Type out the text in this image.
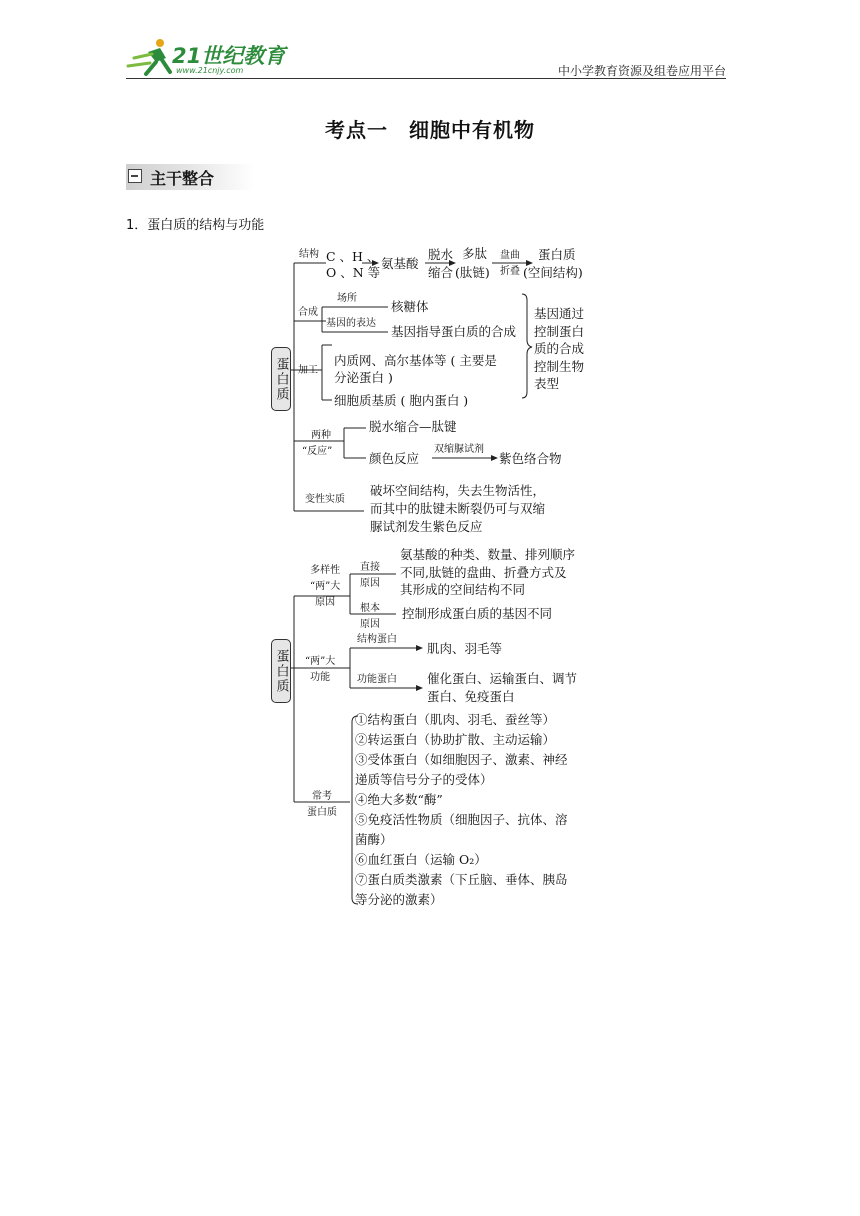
21世纪教育
www.21cnjy.com	中小学教育资源及组卷应用平台
考点一　细胞中有机物
主干整合
1．蛋白质的结构与功能
蛋白质
结构 C 、H 、
O 、N 等
氨基酸
脱水
缩合
多肽
(肽链)
盘曲
折叠
蛋白质
(空间结构)
合成
场所
核糖体
基因的表达
基因指导蛋白质的合成
基因通过
控制蛋白
质的合成
控制生物
表型
加工
内质网、高尔基体等 ( 主要是
分泌蛋白 )
细胞质基质 ( 胞内蛋白 )
两种
“反应”
脱水缩合—肽键
颜色反应
双缩脲试剂
紫色络合物
变性实质
破坏空间结构，失去生物活性，
而其中的肽键未断裂仍可与双缩
脲试剂发生紫色反应
蛋白质
多样性
“两”大
原因
直接
原因
氨基酸的种类、数量、排列顺序
不同,肽链的盘曲、折叠方式及
其形成的空间结构不同
根本
原因
控制形成蛋白质的基因不同
“两”大
功能
结构蛋白
肌肉、羽毛等
功能蛋白 催化蛋白、运输蛋白、调节
蛋白、免疫蛋白
常考
蛋白质
①结构蛋白（肌肉、羽毛、蚕丝等）
②转运蛋白（协助扩散、主动运输）
③受体蛋白（如细胞因子、激素、神经
递质等信号分子的受体）
④绝大多数“酶”
⑤免疫活性物质（细胞因子、抗体、溶
菌酶）
⑥血红蛋白（运输 O₂）
⑦蛋白质类激素（下丘脑、垂体、胰岛
等分泌的激素）
